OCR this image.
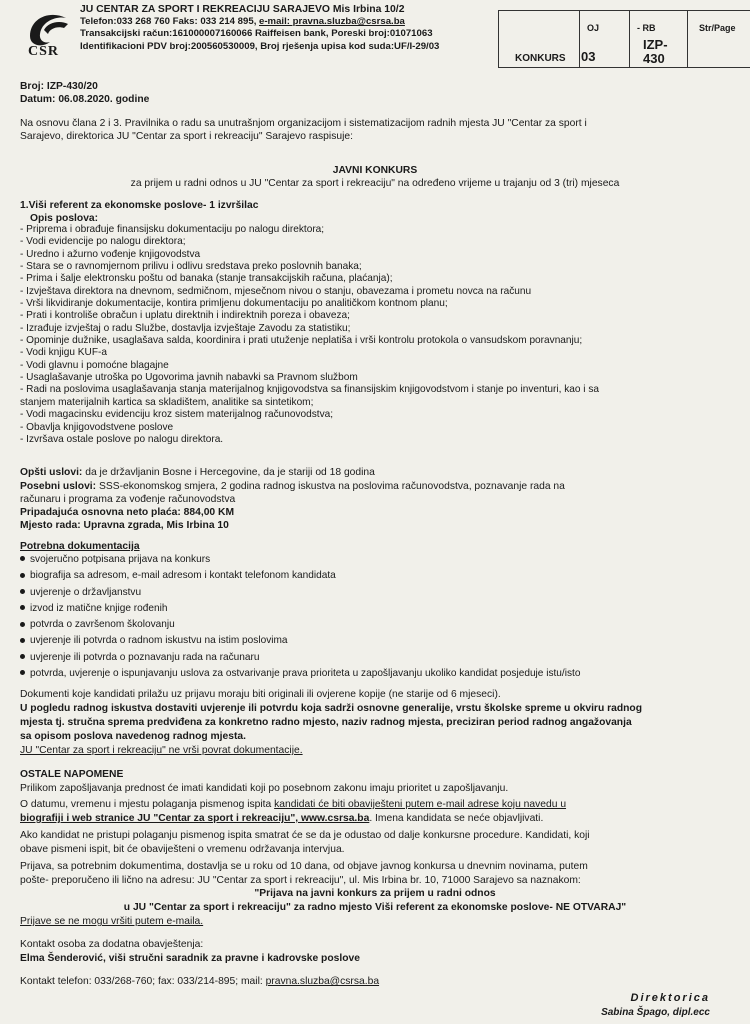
CSR
JU CENTAR ZA SPORT I REKREACIJU SARAJEVO Mis Irbina 10/2
Telefon:033 268 760 Faks: 033 214 895, e-mail: pravna.sluzba@csrsa.ba
Transakcijski račun:161000007160066 Raiffeisen bank, Poreski broj:01071063
Identifikacioni PDV broj:200560530009, Broj rješenja upisa kod suda:UF/I-29/03
KONKURS
OJ
03
- RB
IZP-
430
Str/Page
Broj: IZP-430/20
Datum: 06.08.2020. godine
Na osnovu člana 2 i 3. Pravilnika o radu sa unutrašnjom organizacijom i sistematizacijom radnih mjesta JU "Centar za sport i
Sarajevo, direktorica JU "Centar za sport i rekreaciju" Sarajevo raspisuje:
JAVNI KONKURS
za prijem u radni odnos u JU "Centar za sport i rekreaciju" na određeno vrijeme u trajanju od 3 (tri) mjeseca
1.Viši referent za ekonomske poslove- 1 izvršilac
Opis poslova:
- Priprema i obrađuje finansijsku dokumentaciju po nalogu direktora;
- Vodi evidencije po nalogu direktora;
- Uredno i ažurno vođenje knjigovodstva
- Stara se o ravnomjernom prilivu i odlivu sredstava preko poslovnih banaka;
- Prima i šalje elektronsku poštu od banaka (stanje transakcijskih računa, plaćanja);
- Izvještava direktora na dnevnom, sedmičnom, mjesečnom nivou o stanju, obavezama i prometu novca na računu
- Vrši likvidiranje dokumentacije, kontira primljenu dokumentaciju po analitičkom kontnom planu;
- Prati i kontroliše obračun i uplatu direktnih i indirektnih poreza i obaveza;
- Izrađuje izvještaj o radu Službe, dostavlja izvještaje Zavodu za statistiku;
- Opominje dužnike, usaglašava salda, koordinira i prati utuženje neplatiša i vrši kontrolu protokola o vansudskom poravnanju;
- Vodi knjigu KUF-a
- Vodi glavnu i pomoćne blagajne
- Usaglašavanje utroška po Ugovorima javnih nabavki sa Pravnom službom
- Radi na poslovima usaglašavanja stanja materijalnog knjigovodstva sa finansijskim knjigovodstvom i stanje po inventuri, kao i sa
stanjem materijalnih kartica sa skladištem, analitike sa sintetikom;
- Vodi magacinsku evidenciju kroz sistem materijalnog računovodstva;
- Obavlja knjigovodstvene poslove
- Izvršava ostale poslove po nalogu direktora.
Opšti uslovi: da je državljanin Bosne i Hercegovine, da je stariji od 18 godina
Posebni uslovi: SSS-ekonomskog smjera, 2 godina radnog iskustva na poslovima računovodstva, poznavanje rada na
računaru i programa za vođenje računovodstva
Pripadajuća osnovna neto plaća: 884,00 KM
Mjesto rada: Upravna zgrada, Mis Irbina 10
Potrebna dokumentacija
svojeručno potpisana prijava na konkurs
biografija sa adresom, e-mail adresom i kontakt telefonom kandidata
uvjerenje o državljanstvu
izvod iz matične knjige rođenih
potvrda o završenom školovanju
uvjerenje ili potvrda o radnom iskustvu na istim poslovima
uvjerenje ili potvrda o poznavanju rada na računaru
potvrda, uvjerenje o ispunjavanju uslova za ostvarivanje prava prioriteta u zapošljavanju ukoliko kandidat posjeduje istu/isto
Dokumenti koje kandidati prilažu uz prijavu moraju biti originali ili ovjerene kopije (ne starije od 6 mjeseci).
U pogledu radnog iskustva dostaviti uvjerenje ili potvrdu koja sadrži osnovne generalije, vrstu školske spreme u okviru radnog
mjesta tj. stručna sprema predviđena za konkretno radno mjesto, naziv radnog mjesta, preciziran period radnog angažovanja
sa opisom poslova navedenog radnog mjesta.
JU "Centar za sport i rekreaciju" ne vrši povrat dokumentacije.
OSTALE NAPOMENE
Prilikom zapošljavanja prednost će imati kandidati koji po posebnom zakonu imaju prioritet u zapošljavanju.
O datumu, vremenu i mjestu polaganja pismenog ispita kandidati će biti obaviješteni putem e-mail adrese koju navedu u
biografiji i web stranice JU "Centar za sport i rekreaciju", www.csrsa.ba. Imena kandidata se neće objavljivati.
Ako kandidat ne pristupi polaganju pismenog ispita smatrat će se da je odustao od dalje konkursne procedure. Kandidati, koji
obave pismeni ispit, bit će obaviješteni o vremenu održavanja intervjua.
Prijava, sa potrebnim dokumentima, dostavlja se u roku od 10 dana, od objave javnog konkursa u dnevnim novinama, putem
pošte- preporučeno ili lično na adresu: JU "Centar za sport i rekreaciju", ul. Mis Irbina br. 10, 71000 Sarajevo sa naznakom:
"Prijava na javni konkurs za prijem u radni odnos
u JU "Centar za sport i rekreaciju" za radno mjesto Viši referent za ekonomske poslove- NE OTVARAJ"
Prijave se ne mogu vršiti putem e-maila.
Kontakt osoba za dodatna obavještenja:
Elma Šenderović, viši stručni saradnik za pravne i kadrovske poslove
Kontakt telefon: 033/268-760; fax: 033/214-895; mail: pravna.sluzba@csrsa.ba
Direktorica
Sabina Špago, dipl.ecc
